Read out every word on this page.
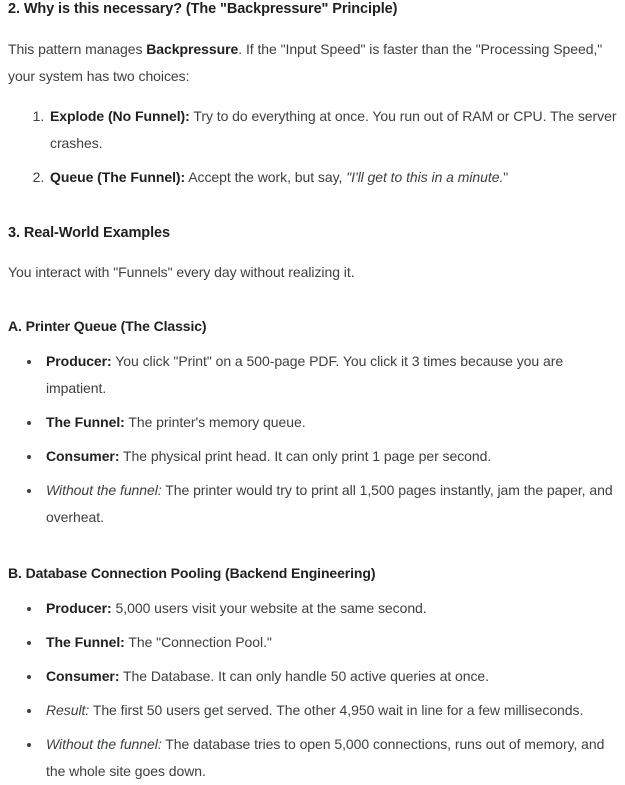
2. Why is this necessary? (The "Backpressure" Principle)

This pattern manages Backpressure. If the "Input Speed" is faster than the "Processing Speed," your system has two choices:

1. Explode (No Funnel): Try to do everything at once. You run out of RAM or CPU. The server crashes.
2. Queue (The Funnel): Accept the work, but say, "I'll get to this in a minute."
3. Real-World Examples

You interact with "Funnels" every day without realizing it.

A. Printer Queue (The Classic)
Producer: You click "Print" on a 500-page PDF. You click it 3 times because you are impatient.
The Funnel: The printer's memory queue.
Consumer: The physical print head. It can only print 1 page per second.
Without the funnel: The printer would try to print all 1,500 pages instantly, jam the paper, and overheat.
B. Database Connection Pooling (Backend Engineering)
Producer: 5,000 users visit your website at the same second.
The Funnel: The "Connection Pool."
Consumer: The Database. It can only handle 50 active queries at once.
Result: The first 50 users get served. The other 4,950 wait in line for a few milliseconds.
Without the funnel: The database tries to open 5,000 connections, runs out of memory, and the whole site goes down.
